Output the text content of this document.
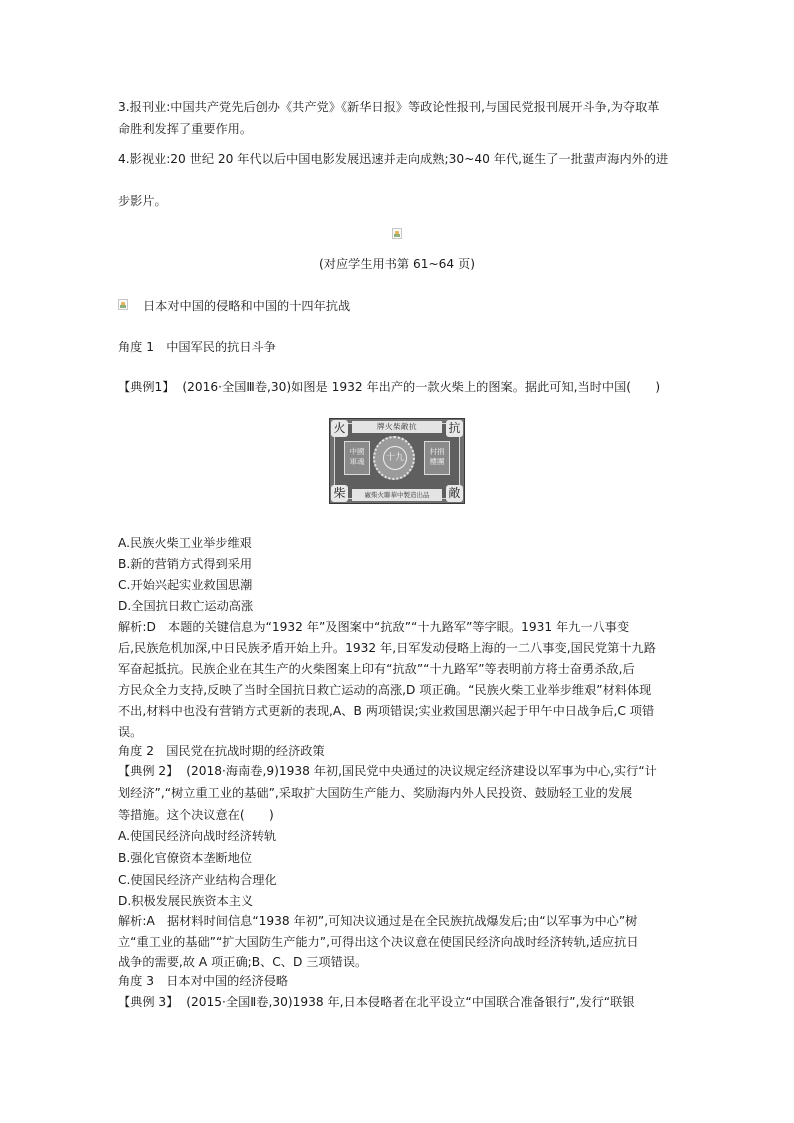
3.报刊业:中国共产党先后创办《共产党》《新华日报》等政论性报刊,与国民党报刊展开斗争,为夺取革
命胜利发挥了重要作用。
4.影视业:20 世纪 20 年代以后中国电影发展迅速并走向成熟;30~40 年代,诞生了一批蜚声海内外的进
步影片。
(对应学生用书第 61~64 页)
日本对中国的侵略和中国的十四年抗战
角度 1　中国军民的抗日斗争
【典例1】 (2016·全国Ⅲ卷,30)如图是 1932 年出产的一款火柴上的图案。据此可知,当时中国(　　)
火	抗
柴	敵
牌火柴敵抗
廠柴火聯華中製造出品
中國
軍魂
村捐
樓團
十九
A.民族火柴工业举步维艰
B.新的营销方式得到采用
C.开始兴起实业救国思潮
D.全国抗日救亡运动高涨
解析:D　本题的关键信息为“1932 年”及图案中“抗敌”“十九路军”等字眼。1931 年九一八事变
后,民族危机加深,中日民族矛盾开始上升。1932 年,日军发动侵略上海的一二八事变,国民党第十九路
军奋起抵抗。民族企业在其生产的火柴图案上印有“抗敌”“十九路军”等表明前方将士奋勇杀敌,后
方民众全力支持,反映了当时全国抗日救亡运动的高涨,D 项正确。“民族火柴工业举步维艰”材料体现
不出,材料中也没有营销方式更新的表现,A、B 两项错误;实业救国思潮兴起于甲午中日战争后,C 项错
误。
角度 2　国民党在抗战时期的经济政策
【典例 2】 (2018·海南卷,9)1938 年初,国民党中央通过的决议规定经济建设以军事为中心,实行“计
划经济”,“树立重工业的基础”,采取扩大国防生产能力、奖励海内外人民投资、鼓励轻工业的发展
等措施。这个决议意在(　　)
A.使国民经济向战时经济转轨
B.强化官僚资本垄断地位
C.使国民经济产业结构合理化
D.积极发展民族资本主义
解析:A　据材料时间信息“1938 年初”,可知决议通过是在全民族抗战爆发后;由“以军事为中心”树
立“重工业的基础”“扩大国防生产能力”,可得出这个决议意在使国民经济向战时经济转轨,适应抗日
战争的需要,故 A 项正确;B、C、D 三项错误。
角度 3　日本对中国的经济侵略
【典例 3】 (2015·全国Ⅱ卷,30)1938 年,日本侵略者在北平设立“中国联合准备银行”,发行“联银
